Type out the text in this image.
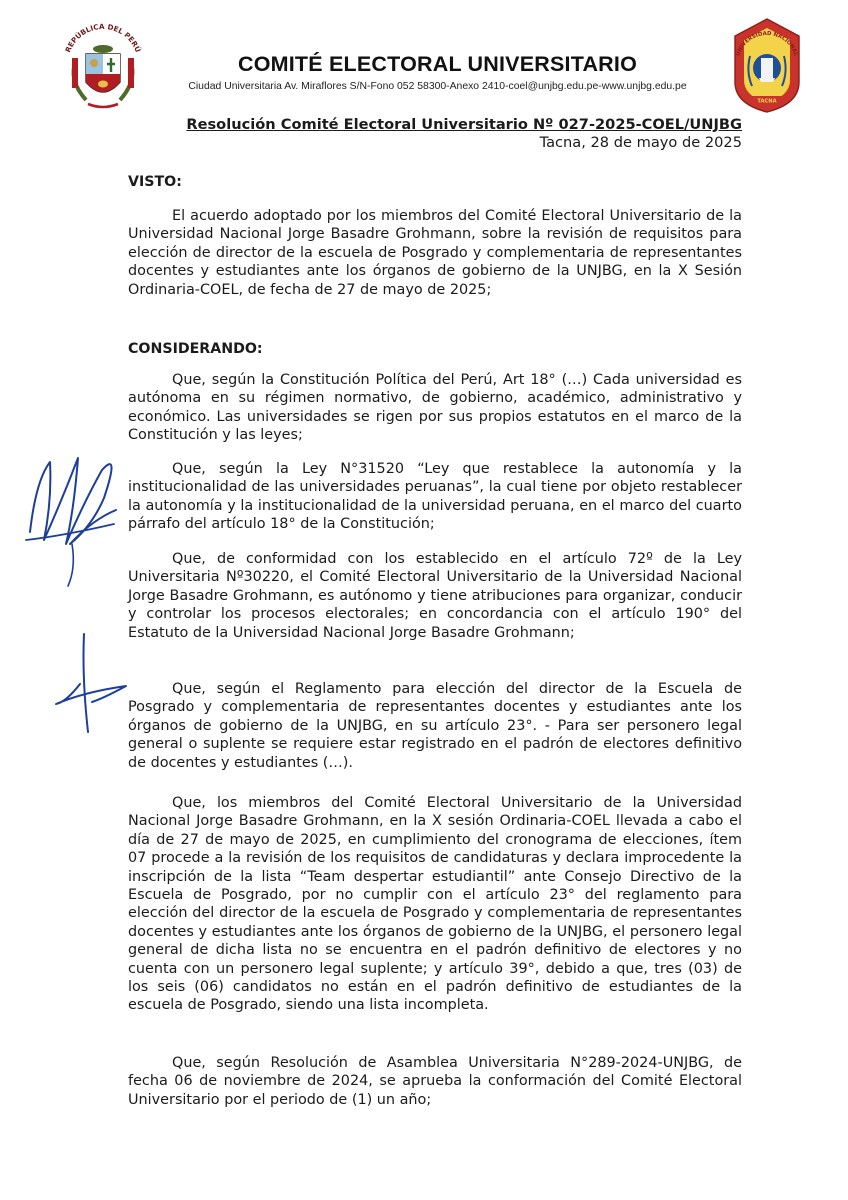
REPÚBLICA DEL PERÚ
COMITÉ ELECTORAL UNIVERSITARIO
Ciudad Universitaria Av. Miraflores S/N-Fono 052 58300-Anexo 2410-coel@unjbg.edu.pe-www.unjbg.edu.pe
UNIVERSIDAD NACIONAL
TACNA
Resolución Comité Electoral Universitario Nº 027-2025-COEL/UNJBG
Tacna, 28 de mayo de 2025
VISTO:
El acuerdo adoptado por los miembros del Comité Electoral Universitario de la Universidad Nacional Jorge Basadre Grohmann, sobre la revisión de requisitos para elección de director de la escuela de Posgrado y complementaria de representantes docentes y estudiantes ante los órganos de gobierno de la UNJBG, en la X Sesión Ordinaria-COEL, de fecha de 27 de mayo de 2025;
CONSIDERANDO:
Que, según la Constitución Política del Perú, Art 18° (…) Cada universidad es autónoma en su régimen normativo, de gobierno, académico, administrativo y económico. Las universidades se rigen por sus propios estatutos en el marco de la Constitución y las leyes;
Que, según la Ley N°31520 “Ley que restablece la autonomía y la institucionalidad de las universidades peruanas”, la cual tiene por objeto restablecer la autonomía y la institucionalidad de la universidad peruana, en el marco del cuarto párrafo del artículo 18° de la Constitución;
Que, de conformidad con los establecido en el artículo 72º de la Ley Universitaria Nº30220, el Comité Electoral Universitario de la Universidad Nacional Jorge Basadre Grohmann, es autónomo y tiene atribuciones para organizar, conducir y controlar los procesos electorales; en concordancia con el artículo 190° del Estatuto de la Universidad Nacional Jorge Basadre Grohmann;
Que, según el Reglamento para elección del director de la Escuela de Posgrado y complementaria de representantes docentes y estudiantes ante los órganos de gobierno de la UNJBG, en su artículo 23°. - Para ser personero legal general o suplente se requiere estar registrado en el padrón de electores definitivo de docentes y estudiantes (…).
Que, los miembros del Comité Electoral Universitario de la Universidad Nacional Jorge Basadre Grohmann, en la X sesión Ordinaria-COEL llevada a cabo el día de 27 de mayo de 2025, en cumplimiento del cronograma de elecciones, ítem 07 procede a la revisión de los requisitos de candidaturas y declara improcedente la inscripción de la lista “Team despertar estudiantil” ante Consejo Directivo de la Escuela de Posgrado, por no cumplir con el artículo 23° del reglamento para elección del director de la escuela de Posgrado y complementaria de representantes docentes y estudiantes ante los órganos de gobierno de la UNJBG, el personero legal general de dicha lista no se encuentra en el padrón definitivo de electores y no cuenta con un personero legal suplente; y artículo 39°, debido a que, tres (03) de los seis (06) candidatos no están en el padrón definitivo de estudiantes de la escuela de Posgrado, siendo una lista incompleta.
Que, según Resolución de Asamblea Universitaria N°289-2024-UNJBG, de fecha 06 de noviembre de 2024, se aprueba la conformación del Comité Electoral Universitario por el periodo de (1) un año;
